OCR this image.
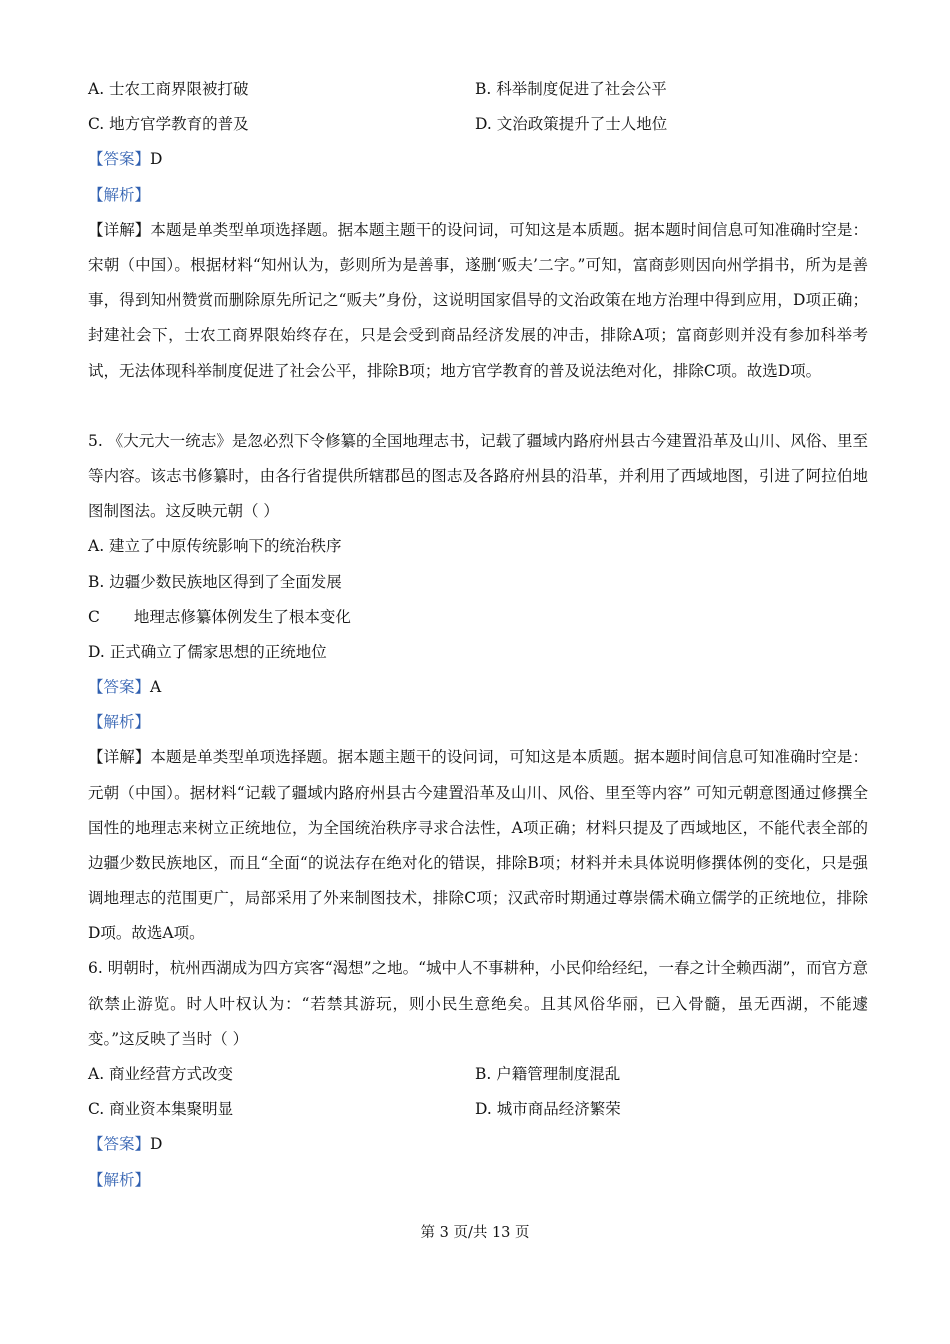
A. 士农工商界限被打破	B. 科举制度促进了社会公平
C. 地方官学教育的普及	D. 文治政策提升了士人地位
【答案】D
【解析】
【详解】本题是单类型单项选择题。据本题主题干的设问词，可知这是本质题。据本题时间信息可知准确时空是：宋朝（中国）。根据材料“知州认为，彭则所为是善事，遂删‘贩夫’二字。”可知，富商彭则因向州学捐书，所为是善事，得到知州赞赏而删除原先所记之“贩夫”身份，这说明国家倡导的文治政策在地方治理中得到应用，D项正确；封建社会下，士农工商界限始终存在，只是会受到商品经济发展的冲击，排除A项；富商彭则并没有参加科举考试，无法体现科举制度促进了社会公平，排除B项；地方官学教育的普及说法绝对化，排除C项。故选D项。
5. 《大元大一统志》是忽必烈下令修纂的全国地理志书，记载了疆域内路府州县古今建置沿革及山川、风俗、里至等内容。该志书修纂时，由各行省提供所辖郡邑的图志及各路府州县的沿革，并利用了西域地图，引进了阿拉伯地图制图法。这反映元朝（ ）
A. 建立了中原传统影响下的统治秩序
B. 边疆少数民族地区得到了全面发展
C 地理志修纂体例发生了根本变化
D. 正式确立了儒家思想的正统地位
【答案】A
【解析】
【详解】本题是单类型单项选择题。据本题主题干的设问词，可知这是本质题。据本题时间信息可知准确时空是：元朝（中国）。据材料“记载了疆域内路府州县古今建置沿革及山川、风俗、里至等内容” 可知元朝意图通过修撰全国性的地理志来树立正统地位，为全国统治秩序寻求合法性，A项正确；材料只提及了西域地区，不能代表全部的边疆少数民族地区，而且“全面“的说法存在绝对化的错误，排除B项；材料并未具体说明修撰体例的变化，只是强调地理志的范围更广，局部采用了外来制图技术，排除C项；汉武帝时期通过尊崇儒术确立儒学的正统地位，排除D项。故选A项。
6. 明朝时，杭州西湖成为四方宾客“渴想”之地。“城中人不事耕种，小民仰给经纪，一春之计全赖西湖”，而官方意欲禁止游览。时人叶权认为：“若禁其游玩，则小民生意绝矣。且其风俗华丽，已入骨髓，虽无西湖，不能遽变。”这反映了当时（ ）
A. 商业经营方式改变	B. 户籍管理制度混乱
C. 商业资本集聚明显	D. 城市商品经济繁荣
【答案】D
【解析】
第 3 页/共 13 页
